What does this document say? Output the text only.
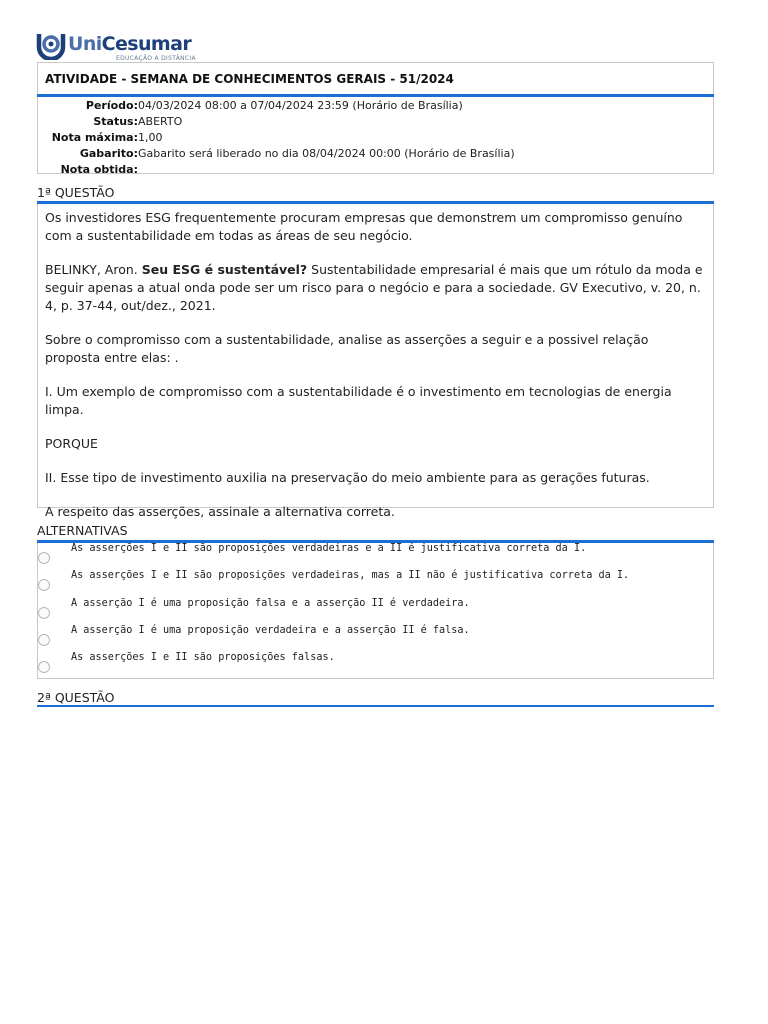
UniCesumar
EDUCAÇÃO A DISTÂNCIA
ATIVIDADE - SEMANA DE CONHECIMENTOS GERAIS - 51/2024
Período: 04/03/2024 08:00 a 07/04/2024 23:59 (Horário de Brasília)
Status: ABERTO
Nota máxima: 1,00
Gabarito: Gabarito será liberado no dia 08/04/2024 00:00 (Horário de Brasília)
Nota obtida:
1ª QUESTÃO

Os investidores ESG frequentemente procuram empresas que demonstrem um compromisso genuíno com a sustentabilidade em todas as áreas de seu negócio.

BELINKY, Aron. Seu ESG é sustentável? Sustentabilidade empresarial é mais que um rótulo da moda e seguir apenas a atual onda pode ser um risco para o negócio e para a sociedade. GV Executivo, v. 20, n. 4, p. 37-44, out/dez., 2021.

Sobre o compromisso com a sustentabilidade, analise as asserções a seguir e a possivel relação proposta entre elas: .

I. Um exemplo de compromisso com a sustentabilidade é o investimento em tecnologias de energia limpa.

PORQUE

II. Esse tipo de investimento auxilia na preservação do meio ambiente para as gerações futuras.

A respeito das asserções, assinale a alternativa correta.

ALTERNATIVAS
As asserções I e II são proposições verdadeiras e a II é justificativa correta da I.
As asserções I e II são proposições verdadeiras, mas a II não é justificativa correta da I.
A asserção I é uma proposição falsa e a asserção II é verdadeira.
A asserção I é uma proposição verdadeira e a asserção II é falsa.
As asserções I e II são proposições falsas.
2ª QUESTÃO
